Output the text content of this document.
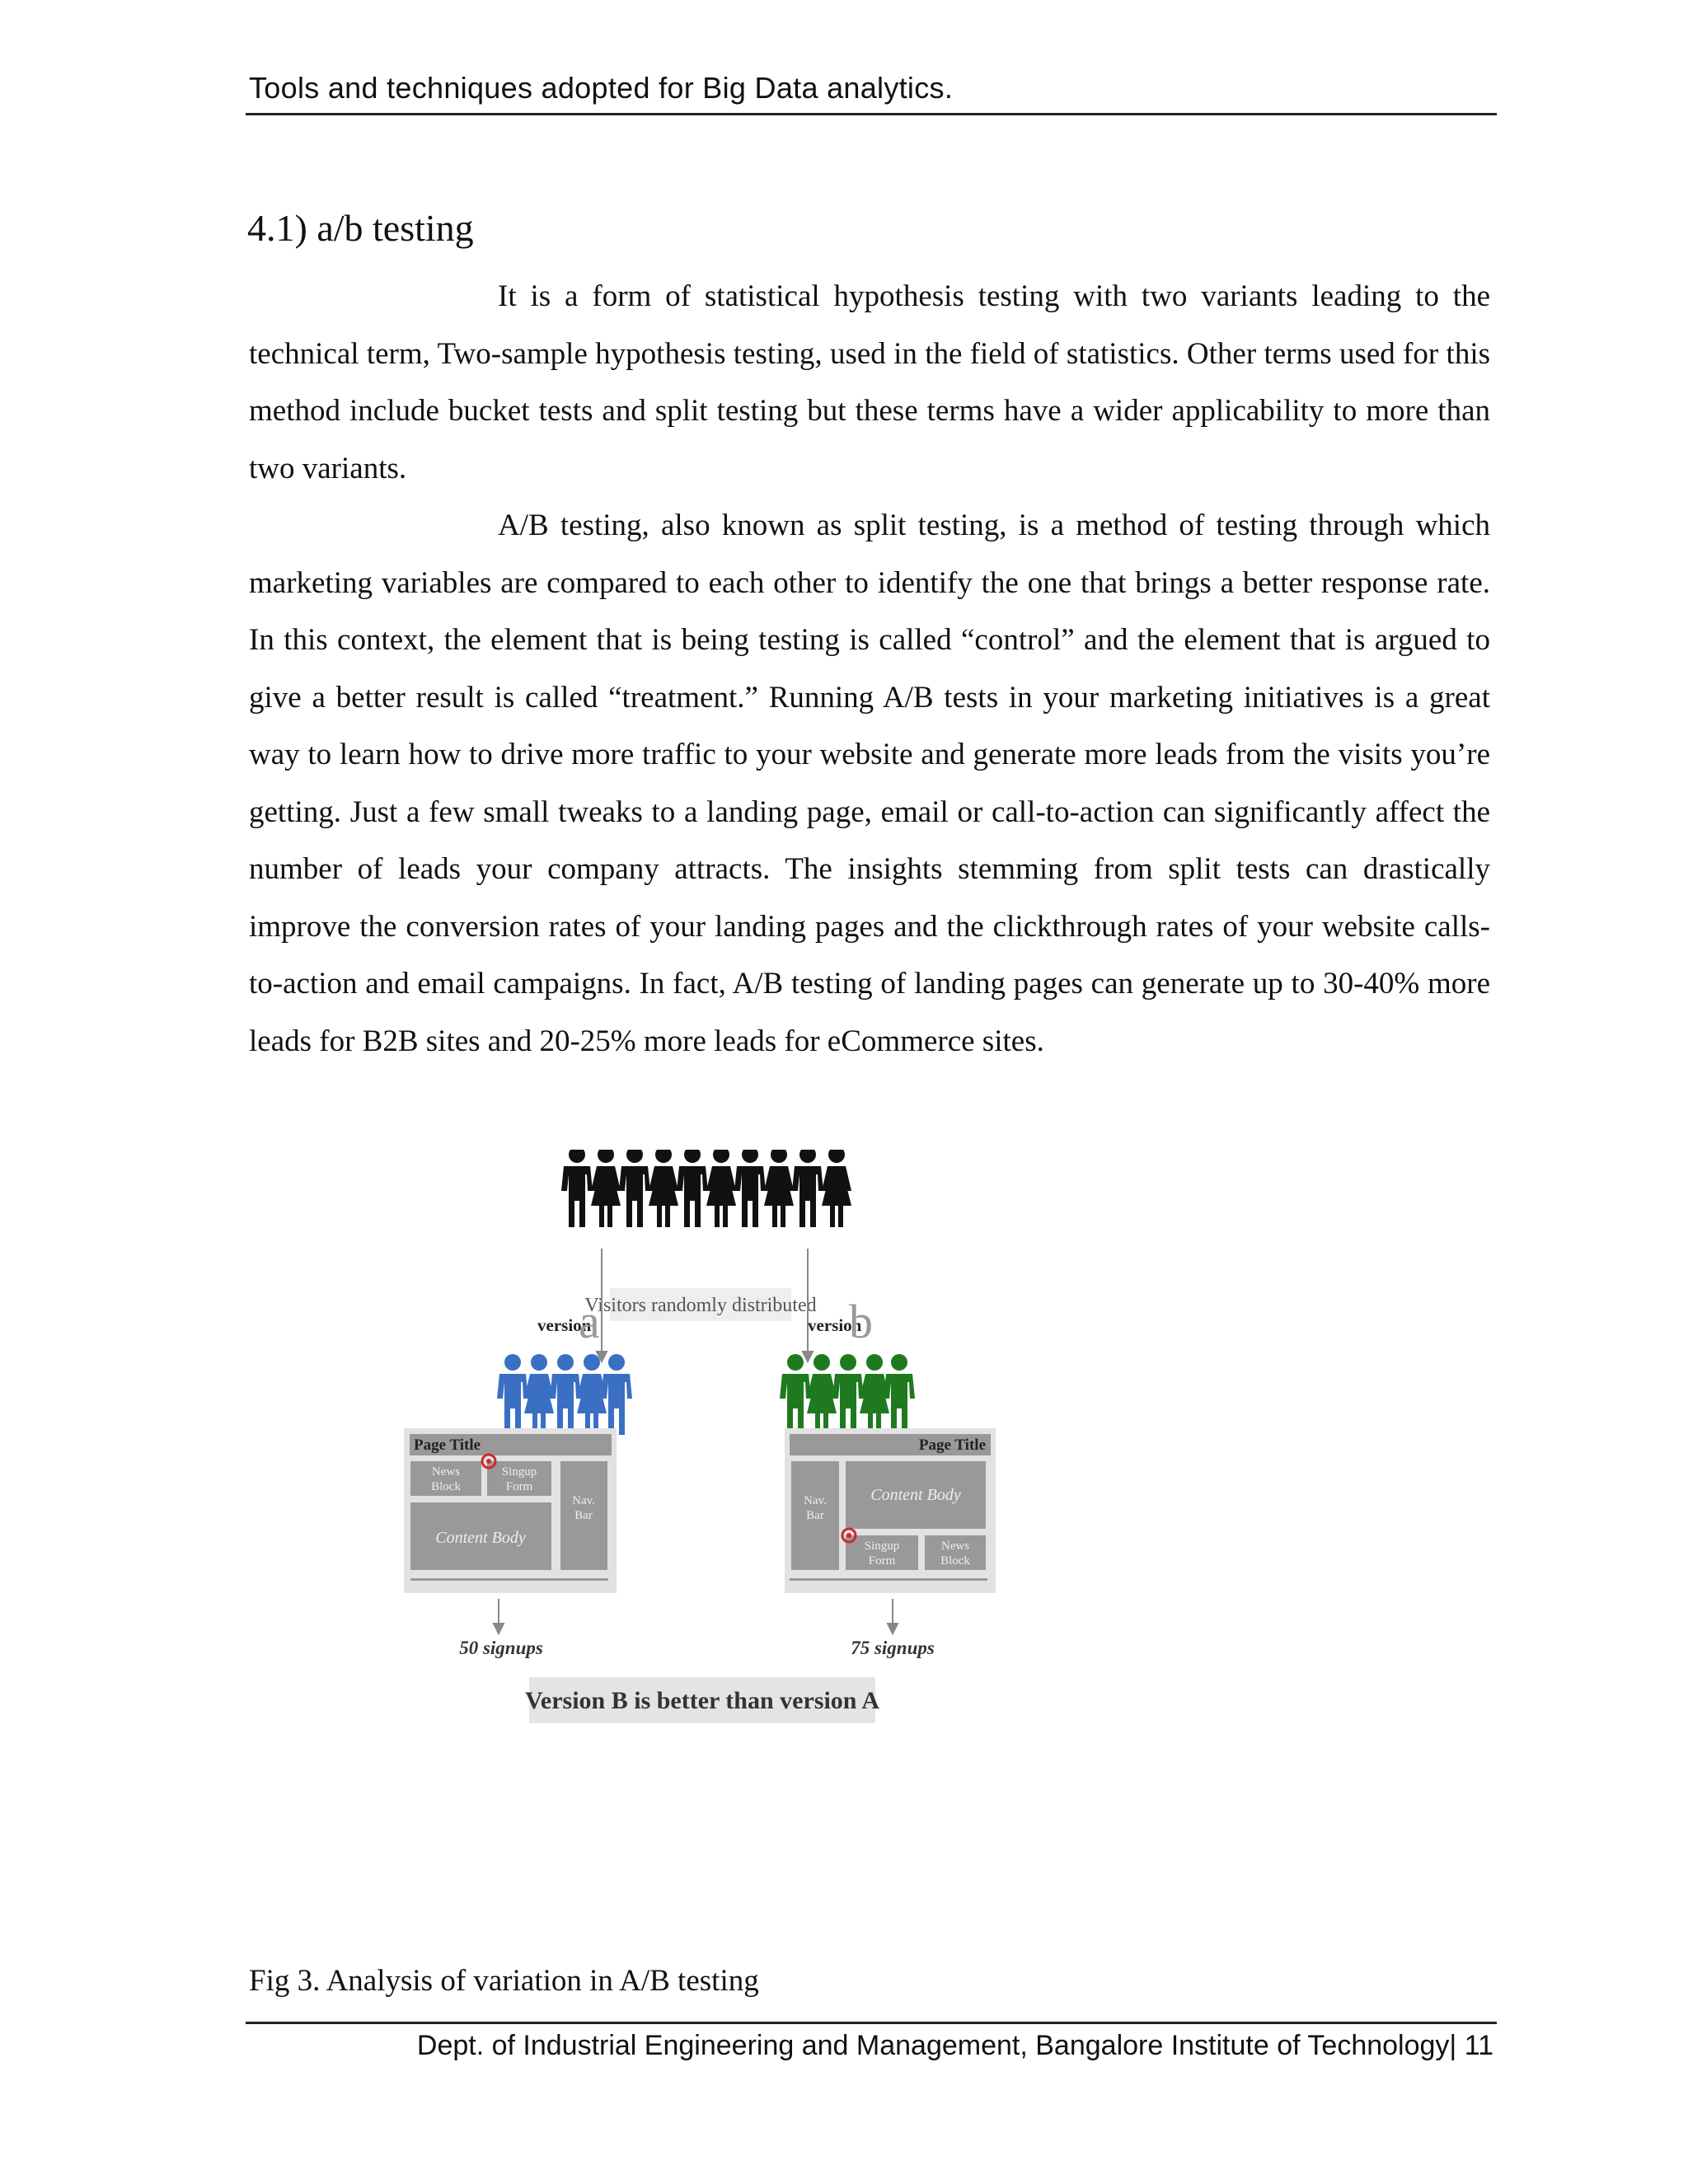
Tools and techniques adopted for Big Data analytics.
4.1) a/b testing

It is a form of statistical hypothesis testing with two variants leading to the technical term, Two-sample hypothesis testing, used in the field of statistics. Other terms used for this method include bucket tests and split testing but these terms have a wider applicability to more than two variants.

A/B testing, also known as split testing, is a method of testing through which marketing variables are compared to each other to identify the one that brings a better response rate. In this context, the element that is being testing is called “control” and the element that is argued to give a better result is called “treatment.” Running A/B tests in your marketing initiatives is a great way to learn how to drive more traffic to your website and generate more leads from the visits you’re getting. Just a few small tweaks to a landing page, email or call-to-action can significantly affect the number of leads your company attracts. The insights stemming from split tests can drastically improve the conversion rates of your landing pages and the clickthrough rates of your website calls-to-action and email campaigns. In fact, A/B testing of landing pages can generate up to 30-40% more leads for B2B sites and 20-25% more leads for eCommerce sites.

Visitors randomly distributed
version
a	version
b
Page Title
News
Block
Singup
Form
Content Body
Nav.
Bar
Page Title
Nav.
Bar
Content Body
Singup
Form
News
Block
50 signups	75 signups
Version B is better than version A
Fig 3. Analysis of variation in A/B testing
Dept. of Industrial Engineering and Management, Bangalore Institute of Technology| 11
